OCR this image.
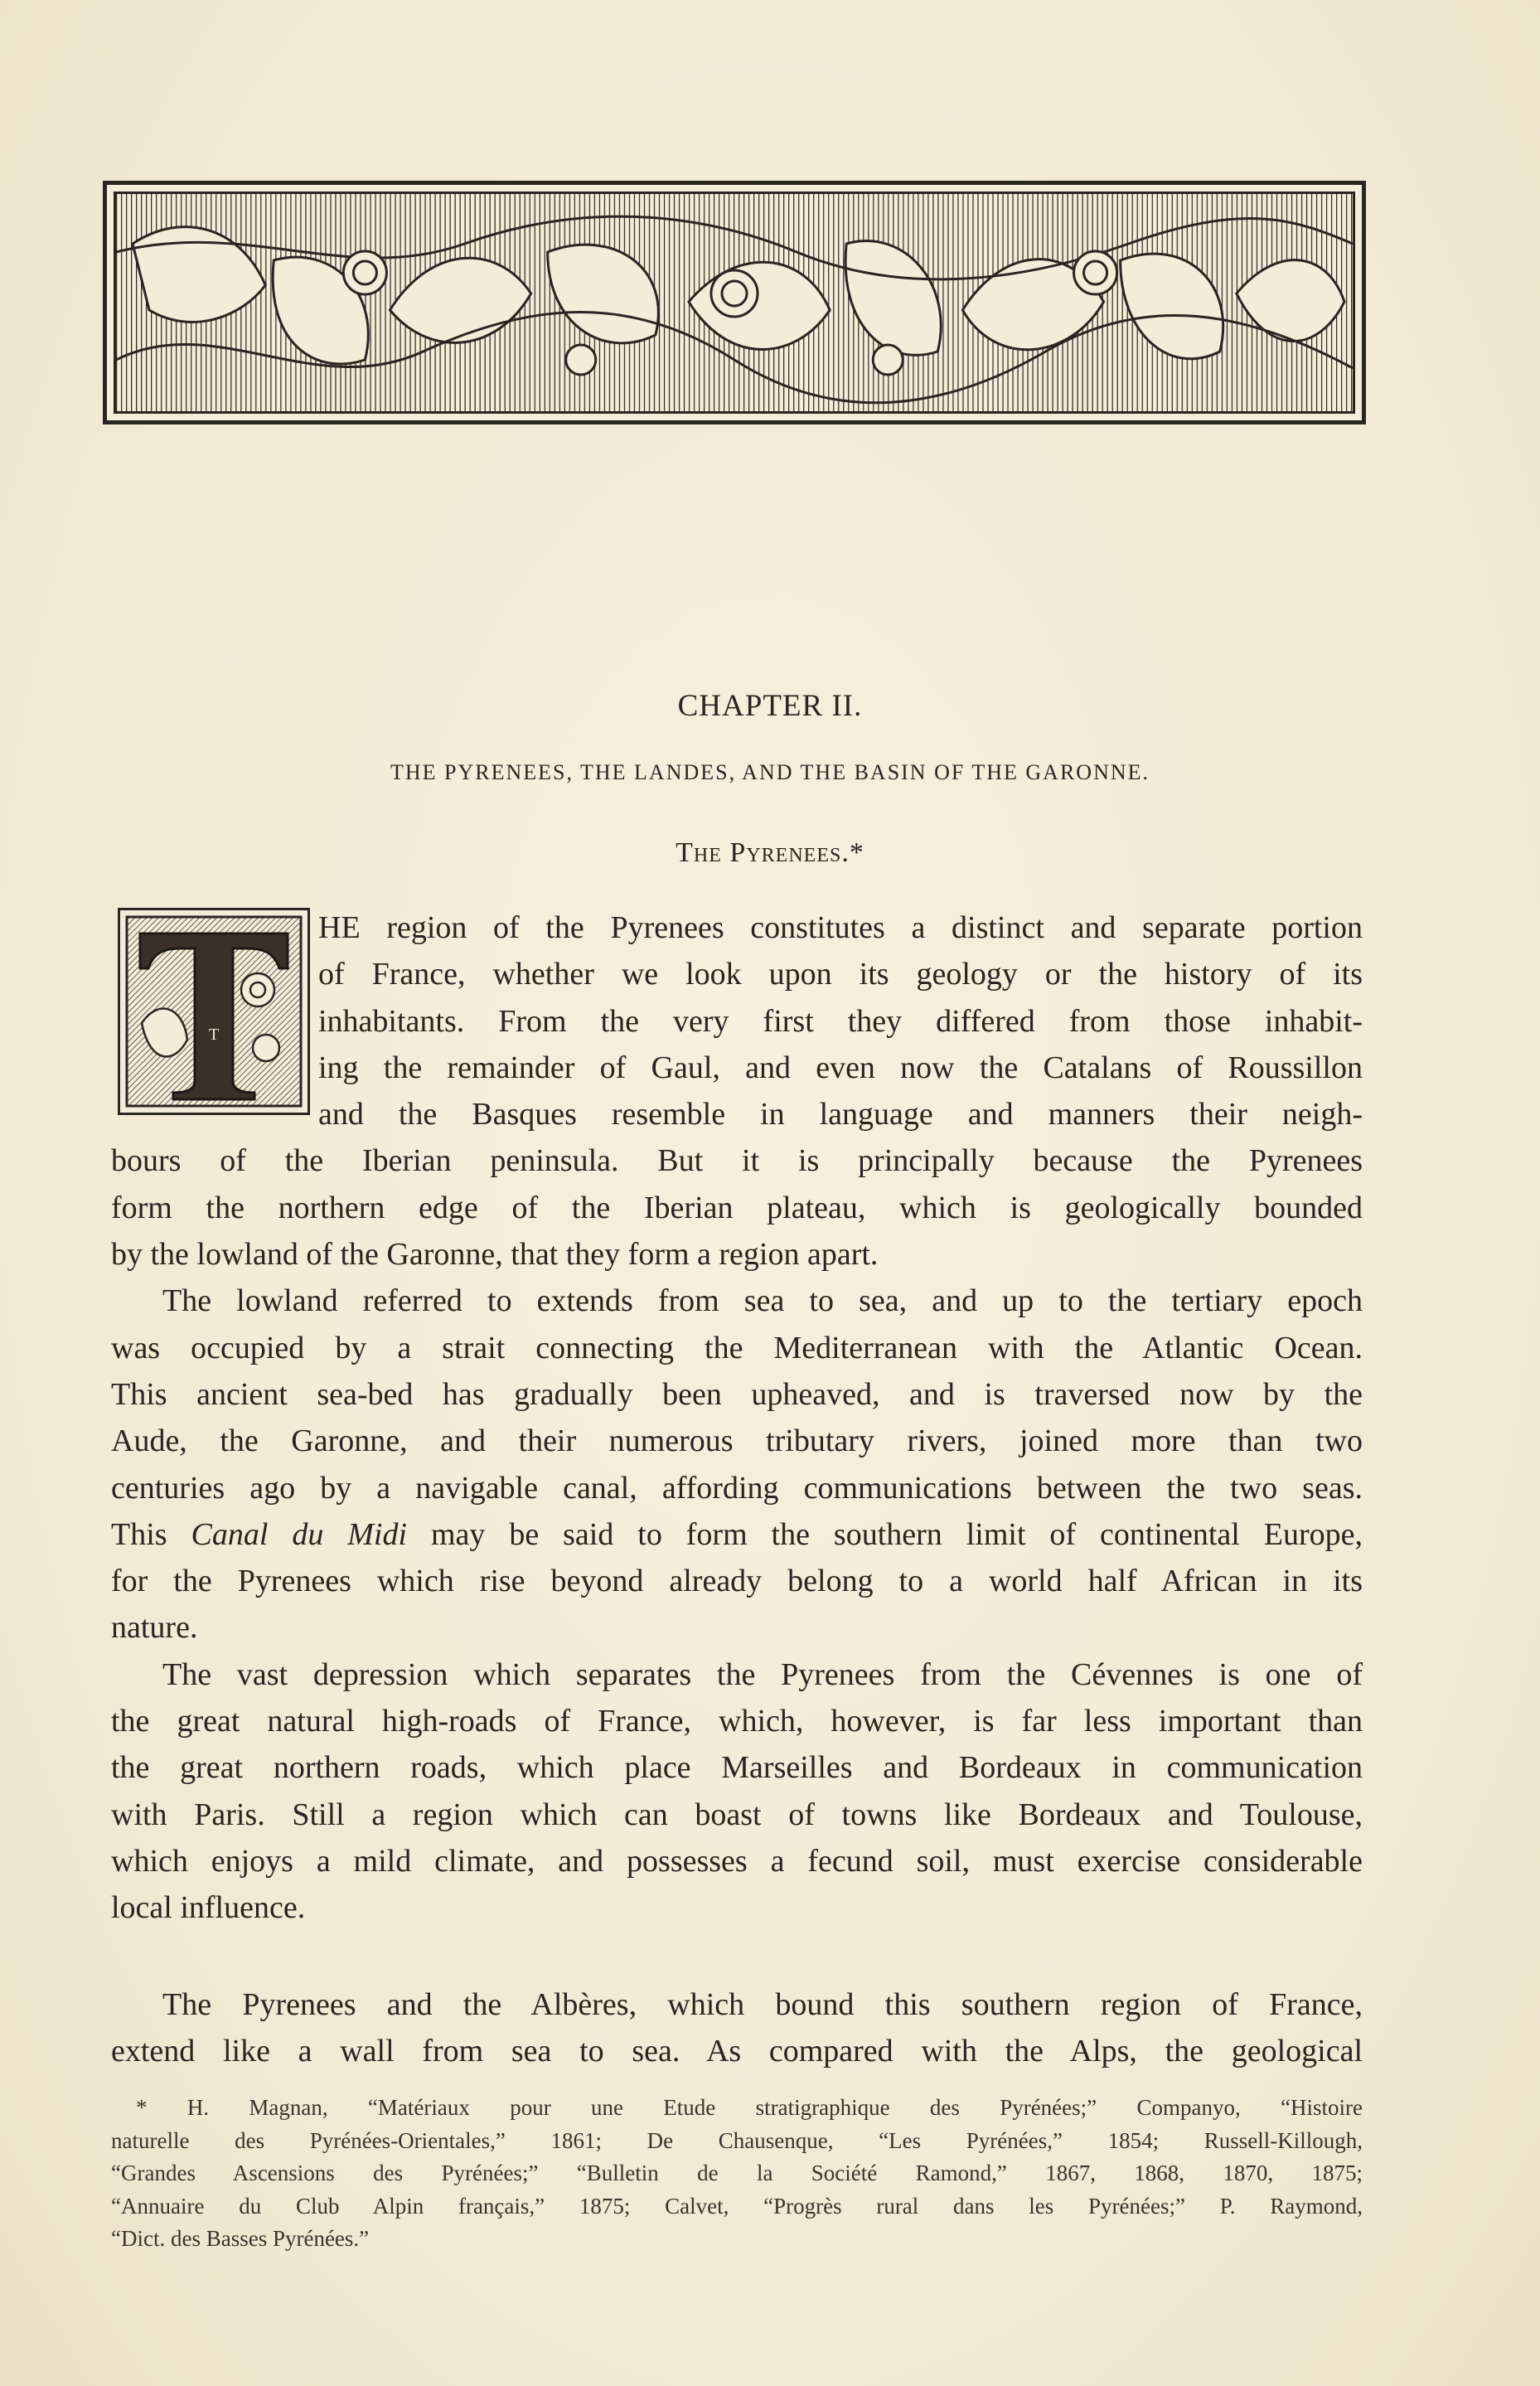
CHAPTER II.
THE PYRENEES, THE LANDES, AND THE BASIN OF THE GARONNE.
The Pyrenees.*
T

HE region of the Pyrenees constitutes a distinct and separate portion
of France, whether we look upon its geology or the history of its
inhabitants. From the very first they differed from those inhabit-
ing the remainder of Gaul, and even now the Catalans of Roussillon
and the Basques resemble in language and manners their neigh-
bours of the Iberian peninsula. But it is principally because the Pyrenees
form the northern edge of the Iberian plateau, which is geologically bounded
by the lowland of the Garonne, that they form a region apart.

The lowland referred to extends from sea to sea, and up to the tertiary epoch
was occupied by a strait connecting the Mediterranean with the Atlantic Ocean.
This ancient sea-bed has gradually been upheaved, and is traversed now by the
Aude, the Garonne, and their numerous tributary rivers, joined more than two
centuries ago by a navigable canal, affording communications between the two seas.
This Canal du Midi may be said to form the southern limit of continental Europe,
for the Pyrenees which rise beyond already belong to a world half African in its
nature.

The vast depression which separates the Pyrenees from the Cévennes is one of
the great natural high-roads of France, which, however, is far less important than
the great northern roads, which place Marseilles and Bordeaux in communication
with Paris. Still a region which can boast of towns like Bordeaux and Toulouse,
which enjoys a mild climate, and possesses a fecund soil, must exercise considerable
local influence.

The Pyrenees and the Albères, which bound this southern region of France,
extend like a wall from sea to sea. As compared with the Alps, the geological

* H. Magnan, “Matériaux pour une Etude stratigraphique des Pyrénées;” Companyo, “Histoire
naturelle des Pyrénées-Orientales,” 1861; De Chausenque, “Les Pyrénées,” 1854; Russell-Killough,
“Grandes Ascensions des Pyrénées;” “Bulletin de la Société Ramond,” 1867, 1868, 1870, 1875;
“Annuaire du Club Alpin français,” 1875; Calvet, “Progrès rural dans les Pyrénées;” P. Raymond,
“Dict. des Basses Pyrénées.”
